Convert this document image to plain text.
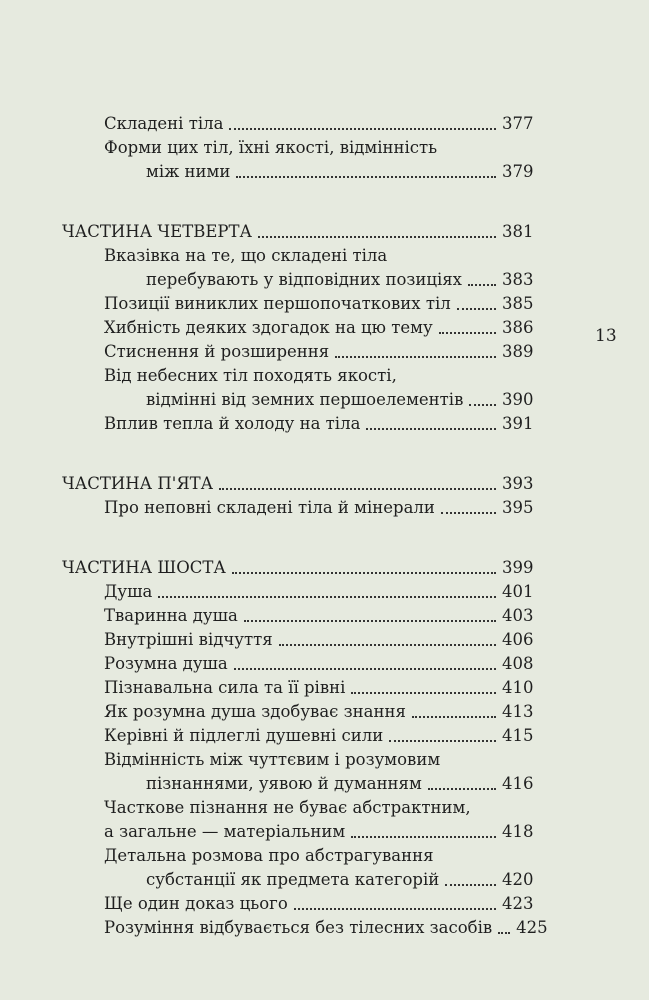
Складені тіла	377
Форми цих тіл, їхні якості, відмінність
між ними	379
ЧАСТИНА ЧЕТВЕРТА	381
Вказівка на те, що складені тіла
перебувають у відповідних позиціях 383
Позиції виниклих першопочаткових тіл	385
Хибність деяких здогадок на цю тему	386
Стиснення й розширення	389
Від небесних тіл походять якості,
відмінні від земних першоелементів 390
Вплив тепла й холоду на тіла	391
ЧАСТИНА П'ЯТА	393
Про неповні складені тіла й мінерали	395
ЧАСТИНА ШОСТА	399
Душа	401
Тваринна душа	403
Внутрішні відчуття	406
Розумна душа	408
Пізнавальна сила та її рівні	410
Як розумна душа здобуває знання	413
Керівні й підлеглі душевні сили	415
Відмінність між чуттєвим і розумовим
пізнаннями, уявою й думанням	416
Часткове пізнання не буває абстрактним,
а загальне — матеріальним	418
Детальна розмова про абстрагування
субстанції як предмета категорій	420
Ще один доказ цього	423
Розуміння відбувається без тілесних засобів 425
13
